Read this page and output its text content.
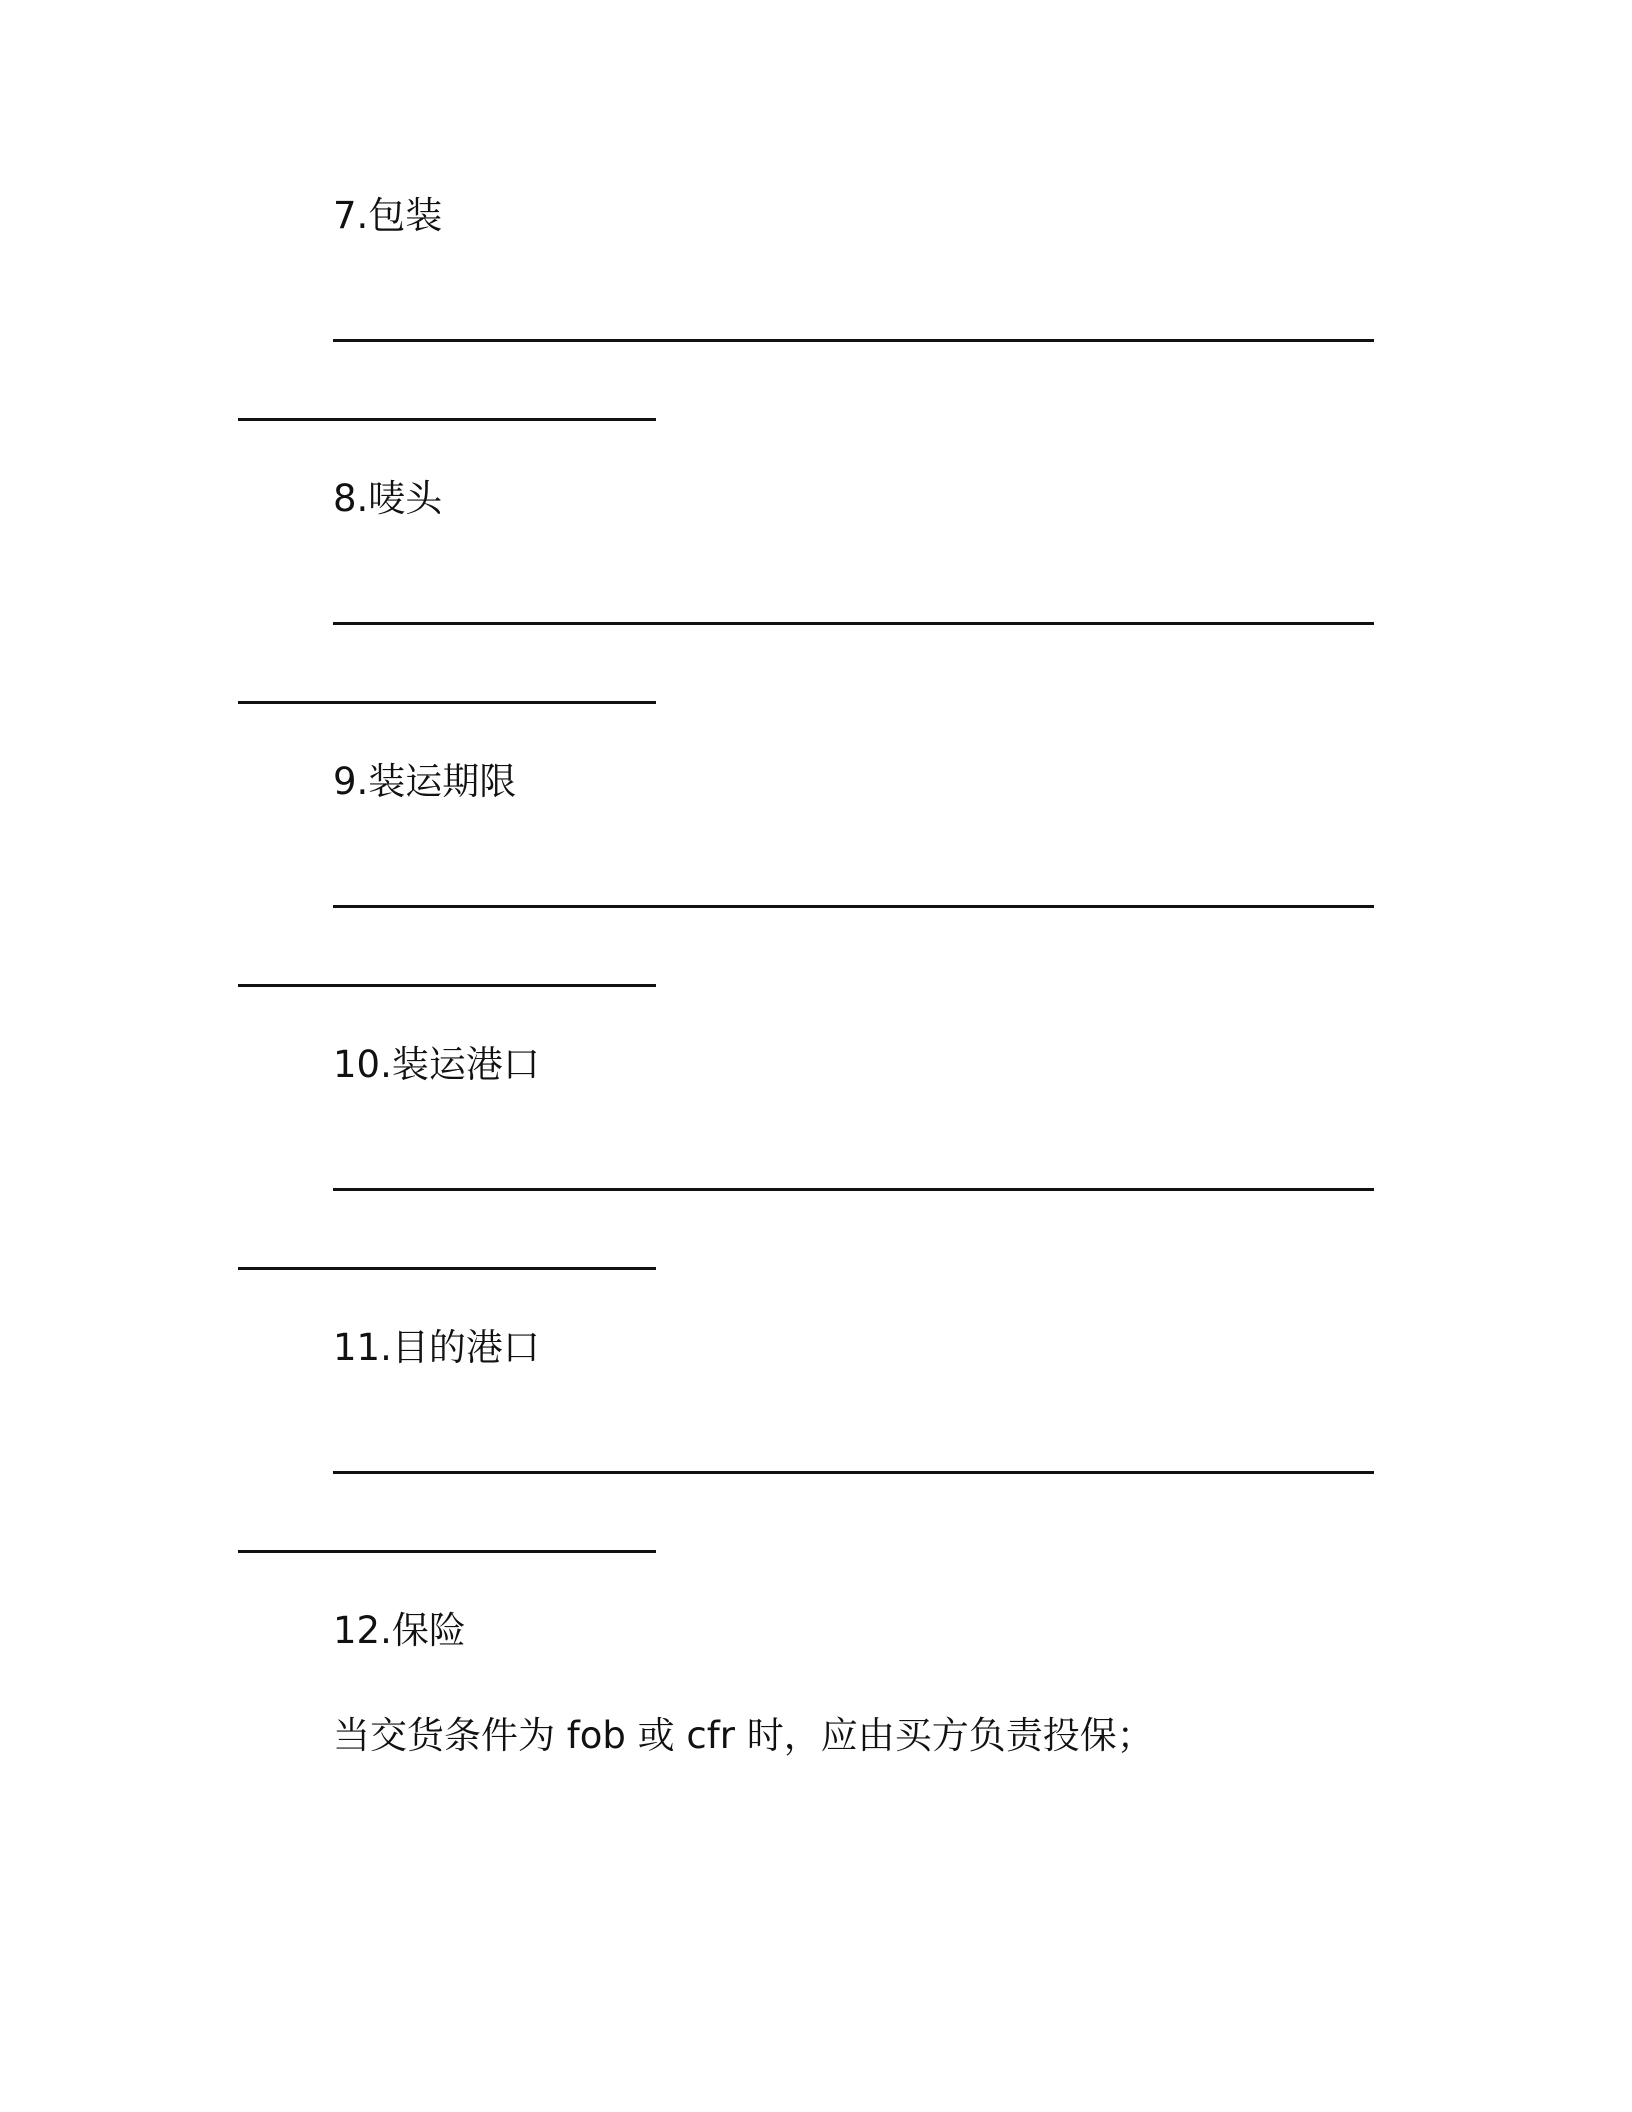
7.包装
8.唛头
9.装运期限
10.装运港口
11.目的港口
12.保险
当交货条件为 fob 或 cfr 时，应由买方负责投保；
